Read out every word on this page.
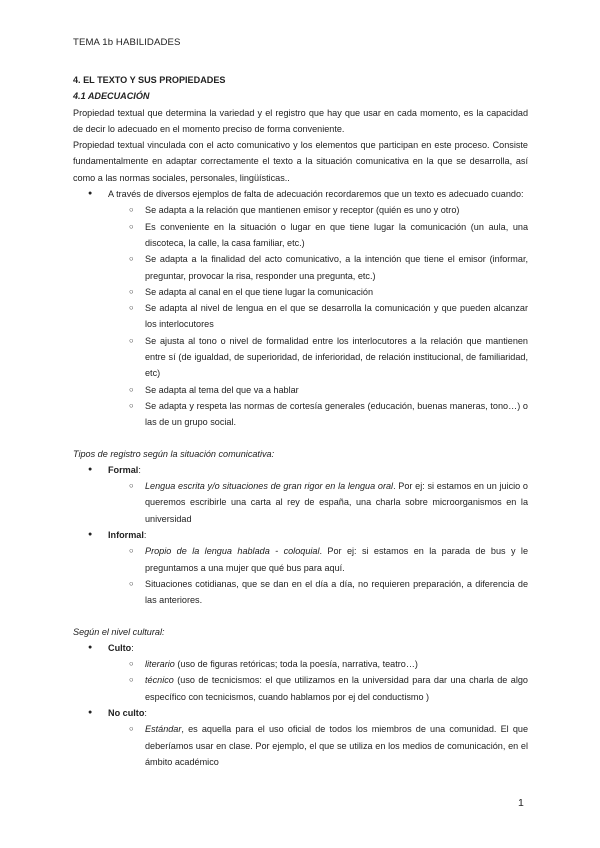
TEMA 1b HABILIDADES

4. EL TEXTO Y SUS PROPIEDADES

4.1 ADECUACIÓN

Propiedad textual que determina la variedad y el registro que hay que usar en cada momento, es la capacidad de decir lo adecuado en el momento preciso de forma conveniente.

Propiedad textual vinculada con el acto comunicativo y los elementos que participan en este proceso. Consiste fundamentalmente en adaptar correctamente el texto a la situación comunicativa en la que se desarrolla, así como a las normas sociales, personales, lingüísticas..

● A través de diversos ejemplos de falta de adecuación recordaremos que un texto es adecuado cuando:

○ Se adapta a la relación que mantienen emisor y receptor (quién es uno y otro)

○ Es conveniente en la situación o lugar en que tiene lugar la comunicación (un aula, una discoteca, la calle, la casa familiar, etc.)

○ Se adapta a la finalidad del acto comunicativo, a la intención que tiene el emisor (informar, preguntar, provocar la risa, responder una pregunta, etc.)

○ Se adapta al canal en el que tiene lugar la comunicación

○ Se adapta al nivel de lengua en el que se desarrolla la comunicación y que pueden alcanzar los interlocutores

○ Se ajusta al tono o nivel de formalidad entre los interlocutores a la relación que mantienen entre sí (de igualdad, de superioridad, de inferioridad, de relación institucional, de familiaridad, etc)

○ Se adapta al tema del que va a hablar

○ Se adapta y respeta las normas de cortesía generales (educación, buenas maneras, tono…) o las de un grupo social.

Tipos de registro según la situación comunicativa:

● Formal:

○ Lengua escrita y/o situaciones de gran rigor en la lengua oral. Por ej: si estamos en un juicio o queremos escribirle una carta al rey de españa, una charla sobre microorganismos en la universidad

● Informal:

○ Propio de la lengua hablada - coloquial. Por ej: si estamos en la parada de bus y le preguntamos a una mujer que qué bus para aquí.

○ Situaciones cotidianas, que se dan en el día a día, no requieren preparación, a diferencia de las anteriores.

Según el nivel cultural:

● Culto:

○ literario (uso de figuras retóricas; toda la poesía, narrativa, teatro…)

○ técnico (uso de tecnicismos: el que utilizamos en la universidad para dar una charla de algo específico con tecnicismos, cuando hablamos por ej del conductismo )

● No culto:

○ Estándar, es aquella para el uso oficial de todos los miembros de una comunidad. El que deberíamos usar en clase. Por ejemplo, el que se utiliza en los medios de comunicación, en el ámbito académico

1
